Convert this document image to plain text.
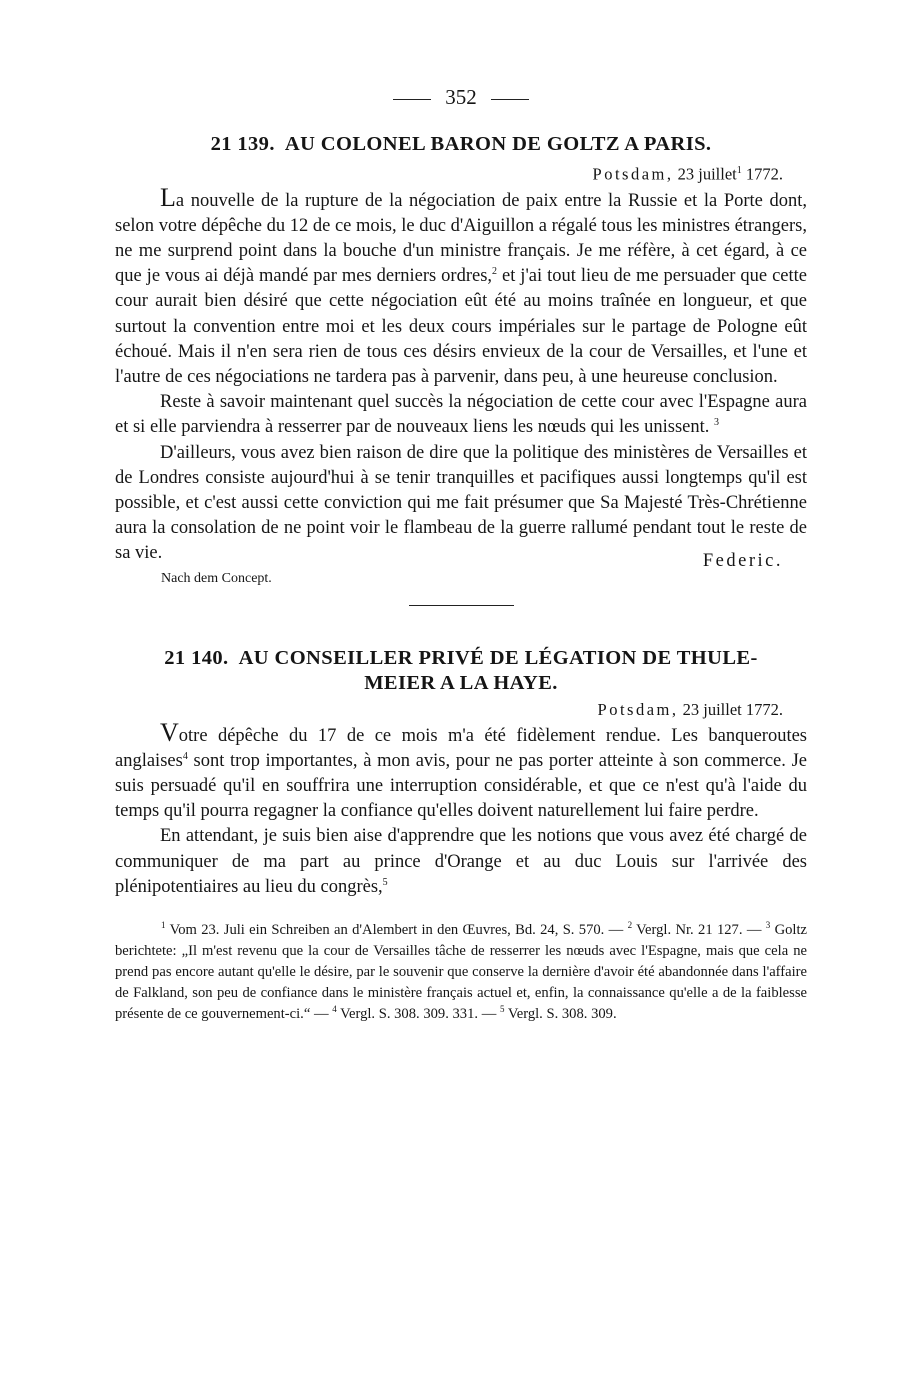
352
21 139. AU COLONEL BARON DE GOLTZ A PARIS.
Potsdam, 23 juillet$^1$ 1772.

La nouvelle de la rupture de la négociation de paix entre la Russie et la Porte dont, selon votre dépêche du 12 de ce mois, le duc d'Aiguillon a régalé tous les ministres étrangers, ne me surprend point dans la bouche d'un ministre français. Je me réfère, à cet égard, à ce que je vous ai déjà mandé par mes derniers ordres,$^2$ et j'ai tout lieu de me persuader que cette cour aurait bien désiré que cette négociation eût été au moins traînée en longueur, et que surtout la convention entre moi et les deux cours impériales sur le partage de Pologne eût échoué. Mais il n'en sera rien de tous ces désirs envieux de la cour de Versailles, et l'une et l'autre de ces négociations ne tardera pas à parvenir, dans peu, à une heureuse conclusion.

Reste à savoir maintenant quel succès la négociation de cette cour avec l'Espagne aura et si elle parviendra à resserrer par de nouveaux liens les nœuds qui les unissent. $^3$

D'ailleurs, vous avez bien raison de dire que la politique des ministères de Versailles et de Londres consiste aujourd'hui à se tenir tranquilles et pacifiques aussi longtemps qu'il est possible, et c'est aussi cette conviction qui me fait présumer que Sa Majesté Très-Chrétienne aura la consolation de ne point voir le flambeau de la guerre rallumé pendant tout le reste de sa vie.

Nach dem Concept.
Federic.
21 140. AU CONSEILLER PRIVÉ DE LÉGATION DE THULE-
MEIER A LA HAYE.
Potsdam, 23 juillet 1772.

Votre dépêche du 17 de ce mois m'a été fidèlement rendue. Les banqueroutes anglaises$^4$ sont trop importantes, à mon avis, pour ne pas porter atteinte à son commerce. Je suis persuadé qu'il en souffrira une interruption considérable, et que ce n'est qu'à l'aide du temps qu'il pourra regagner la confiance qu'elles doivent naturellement lui faire perdre.

En attendant, je suis bien aise d'apprendre que les notions que vous avez été chargé de communiquer de ma part au prince d'Orange et au duc Louis sur l'arrivée des plénipotentiaires au lieu du congrès,$^5$

$^1$ Vom 23. Juli ein Schreiben an d'Alembert in den Œuvres, Bd. 24, S. 570. — $^2$ Vergl. Nr. 21 127. — $^3$ Goltz berichtete: „Il m'est revenu que la cour de Versailles tâche de resserrer les nœuds avec l'Espagne, mais que cela ne prend pas encore autant qu'elle le désire, par le souvenir que conserve la dernière d'avoir été abandonnée dans l'affaire de Falkland, son peu de confiance dans le ministère français actuel et, enfin, la connaissance qu'elle a de la faiblesse présente de ce gouvernement-ci.“ — $^4$ Vergl. S. 308. 309. 331. — $^5$ Vergl. S. 308. 309.
